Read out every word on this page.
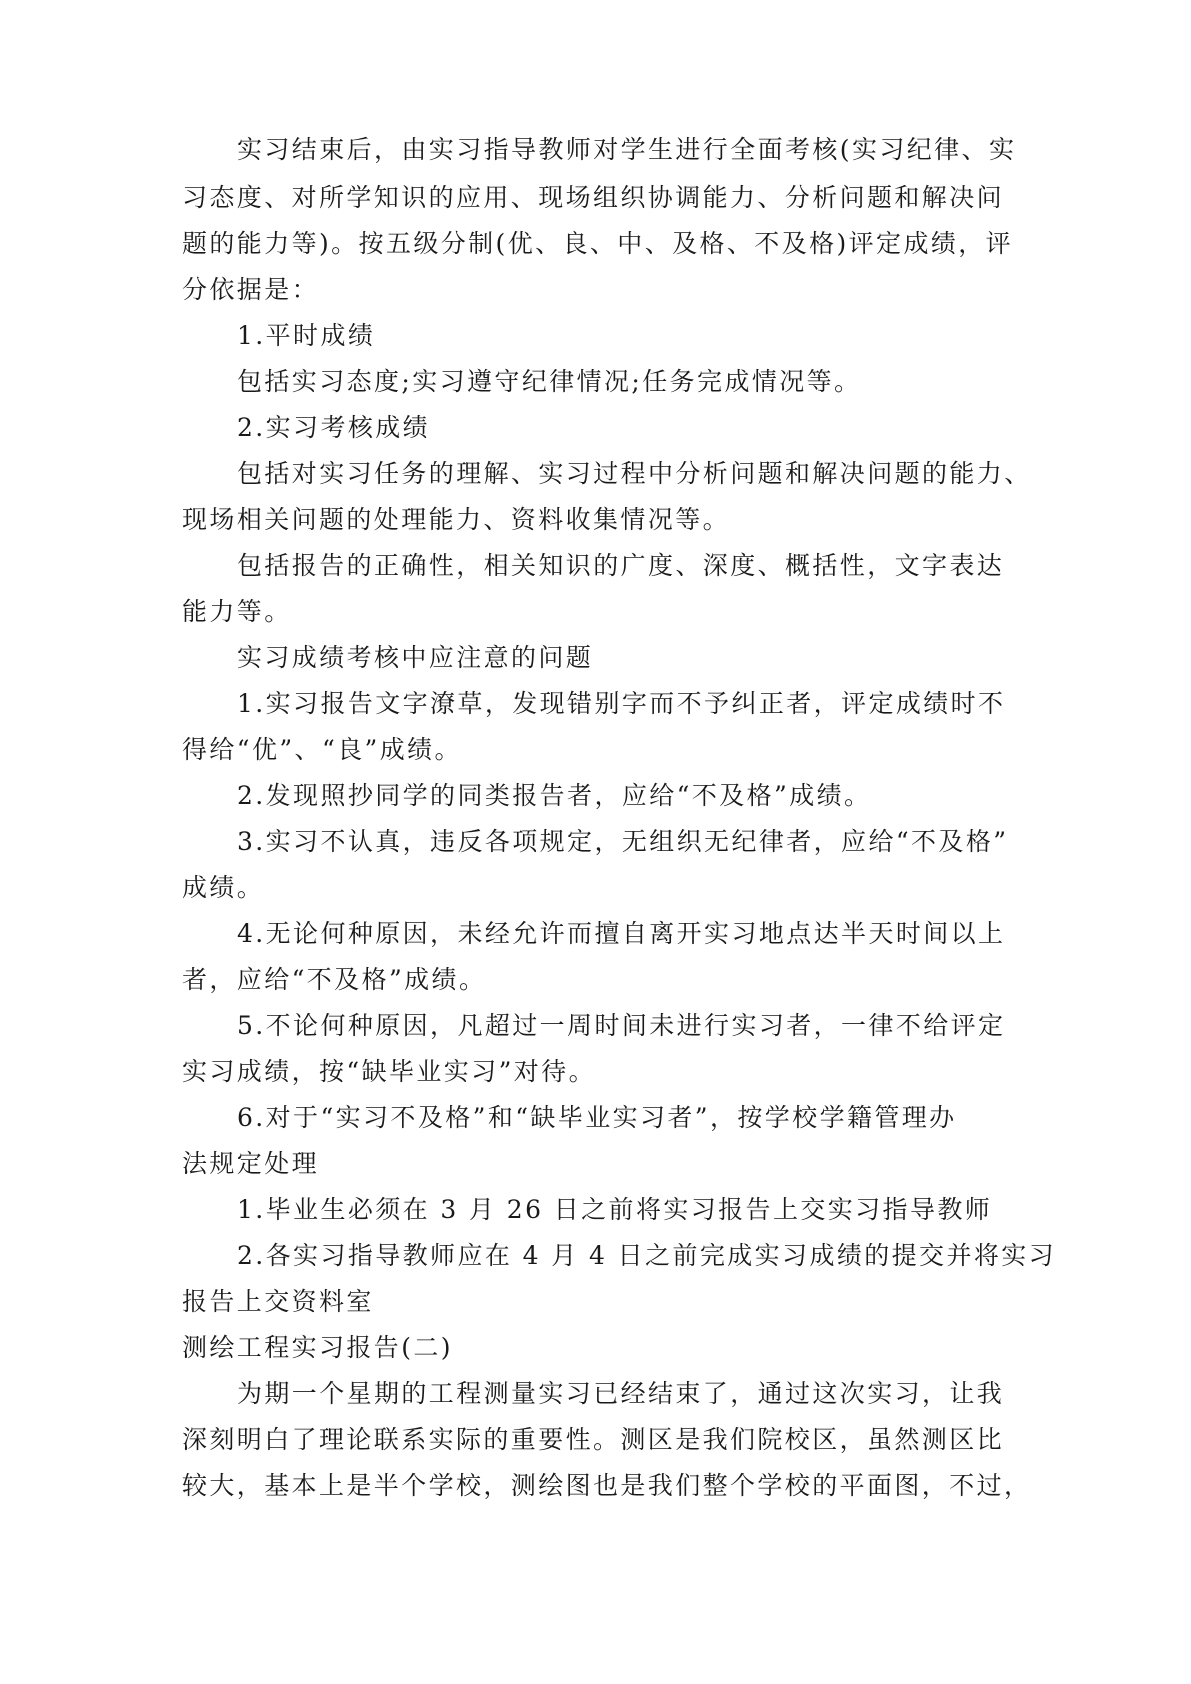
实习结束后，由实习指导教师对学生进行全面考核(实习纪律、实
习态度、对所学知识的应用、现场组织协调能力、分析问题和解决问
题的能力等)。按五级分制(优、良、中、及格、不及格)评定成绩，评
分依据是：
1.平时成绩
包括实习态度;实习遵守纪律情况;任务完成情况等。
2.实习考核成绩
包括对实习任务的理解、实习过程中分析问题和解决问题的能力、
现场相关问题的处理能力、资料收集情况等。
包括报告的正确性，相关知识的广度、深度、概括性，文字表达
能力等。
实习成绩考核中应注意的问题
1.实习报告文字潦草，发现错别字而不予纠正者，评定成绩时不
得给“优”、“良”成绩。
2.发现照抄同学的同类报告者，应给“不及格”成绩。
3.实习不认真，违反各项规定，无组织无纪律者，应给“不及格”
成绩。
4.无论何种原因，未经允许而擅自离开实习地点达半天时间以上
者，应给“不及格”成绩。
5.不论何种原因，凡超过一周时间未进行实习者，一律不给评定
实习成绩，按“缺毕业实习”对待。
6.对于“实习不及格”和“缺毕业实习者”，按学校学籍管理办
法规定处理
1.毕业生必须在 3 月 26 日之前将实习报告上交实习指导教师
2.各实习指导教师应在 4 月 4 日之前完成实习成绩的提交并将实习
报告上交资料室
测绘工程实习报告(二)
为期一个星期的工程测量实习已经结束了，通过这次实习，让我
深刻明白了理论联系实际的重要性。测区是我们院校区，虽然测区比
较大，基本上是半个学校，测绘图也是我们整个学校的平面图，不过，
